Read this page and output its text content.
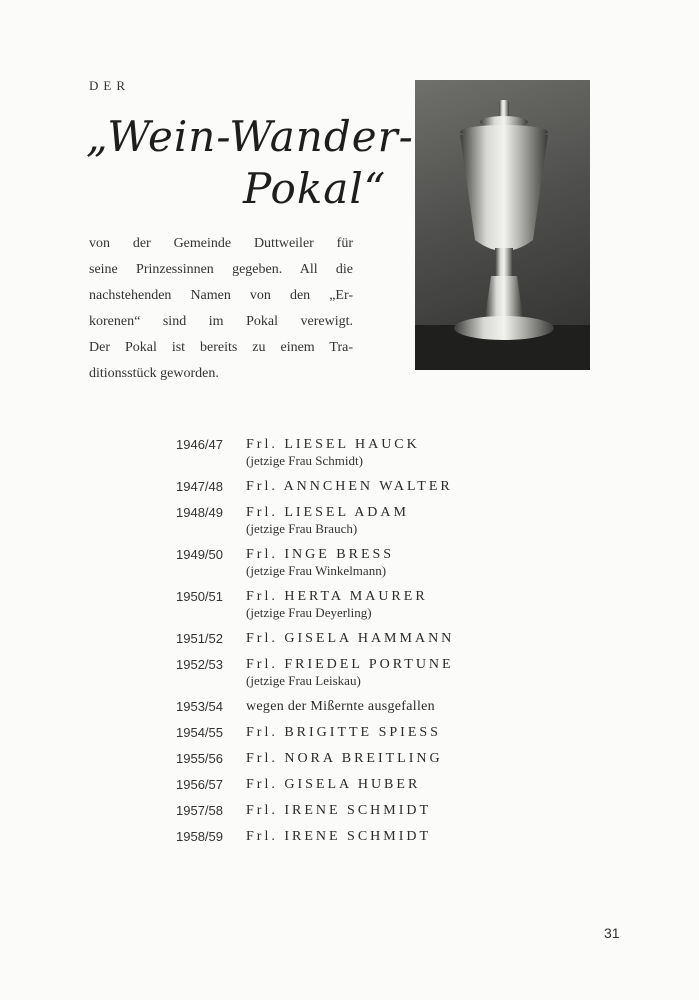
DER
„Wein-Wander-
Pokal“
von der Gemeinde Duttweiler für
seine Prinzessinnen gegeben. All die
nachstehenden Namen von den „Er-
korenen“ sind im Pokal verewigt.
Der Pokal ist bereits zu einem Tra-
ditionsstück geworden.
1946/47	Frl. LIESEL HAUCK
(jetzige Frau Schmidt)
1947/48	Frl. ANNCHEN WALTER
1948/49	Frl. LIESEL ADAM
(jetzige Frau Brauch)
1949/50	Frl. INGE BRESS
(jetzige Frau Winkelmann)
1950/51	Frl. HERTA MAURER
(jetzige Frau Deyerling)
1951/52	Frl. GISELA HAMMANN
1952/53	Frl. FRIEDEL PORTUNE
(jetzige Frau Leiskau)
1953/54	wegen der Mißernte ausgefallen
1954/55	Frl. BRIGITTE SPIESS
1955/56	Frl. NORA BREITLING
1956/57	Frl. GISELA HUBER
1957/58	Frl. IRENE SCHMIDT
1958/59	Frl. IRENE SCHMIDT
31
